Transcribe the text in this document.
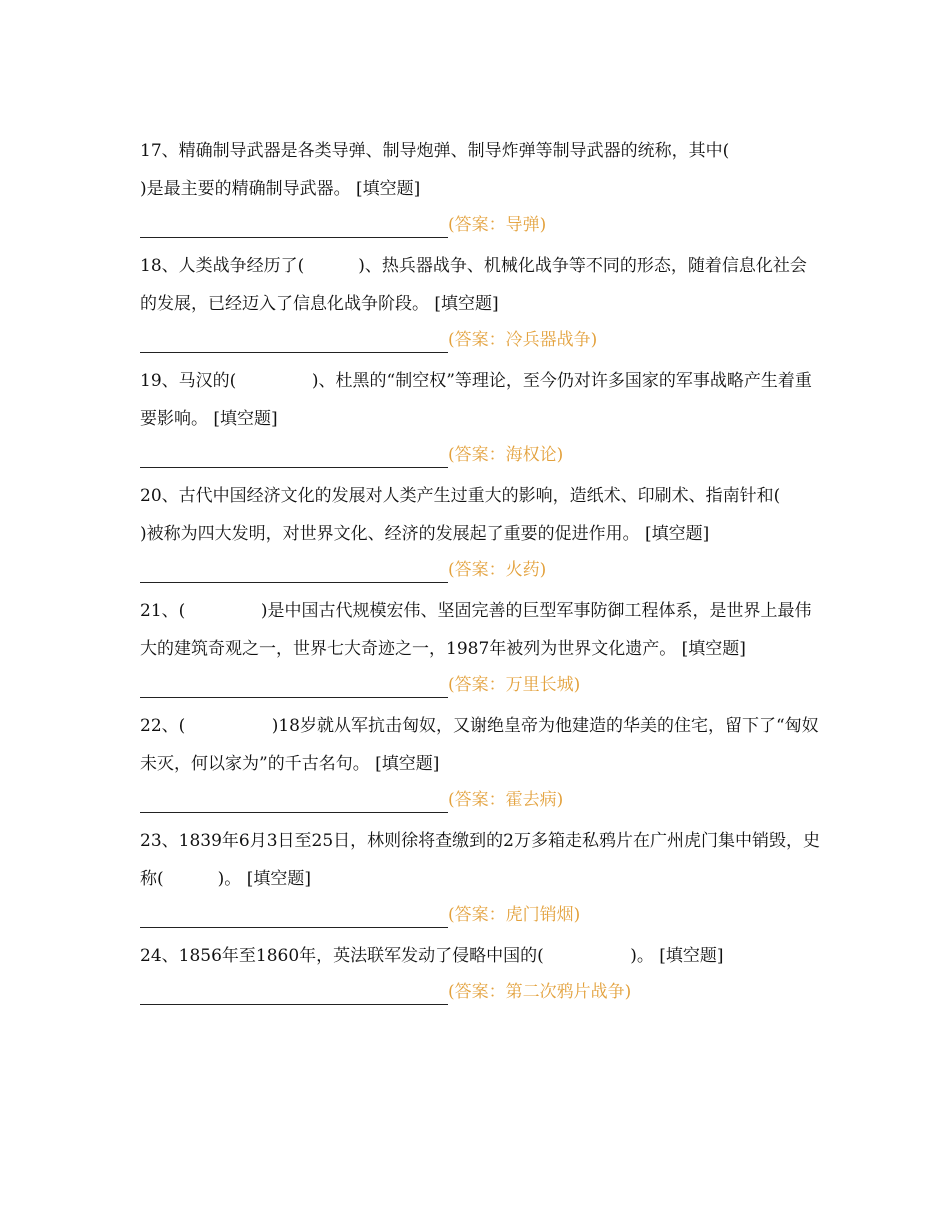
17、精确制导武器是各类导弹、制导炮弹、制导炸弹等制导武器的统称，其中(
)是最主要的精确制导武器。 [填空题]

(答案：导弹)

18、人类战争经历了(          )、热兵器战争、机械化战争等不同的形态，随着信息化社会的发展，已经迈入了信息化战争阶段。 [填空题]

(答案：冷兵器战争)

19、马汉的(              )、杜黑的“制空权”等理论，至今仍对许多国家的军事战略产生着重要影响。 [填空题]

(答案：海权论)

20、古代中国经济文化的发展对人类产生过重大的影响，造纸术、印刷术、指南针和(       )被称为四大发明，对世界文化、经济的发展起了重要的促进作用。 [填空题]

(答案：火药)

21、(              )是中国古代规模宏伟、坚固完善的巨型军事防御工程体系，是世界上最伟大的建筑奇观之一，世界七大奇迹之一，1987年被列为世界文化遗产。 [填空题]

(答案：万里长城)

22、(                )18岁就从军抗击匈奴，又谢绝皇帝为他建造的华美的住宅，留下了“匈奴未灭，何以家为”的千古名句。 [填空题]

(答案：霍去病)

23、1839年6月3日至25日，林则徐将查缴到的2万多箱走私鸦片在广州虎门集中销毁，史称(          )。 [填空题]

(答案：虎门销烟)

24、1856年至1860年，英法联军发动了侵略中国的(                )。 [填空题]

(答案：第二次鸦片战争)
